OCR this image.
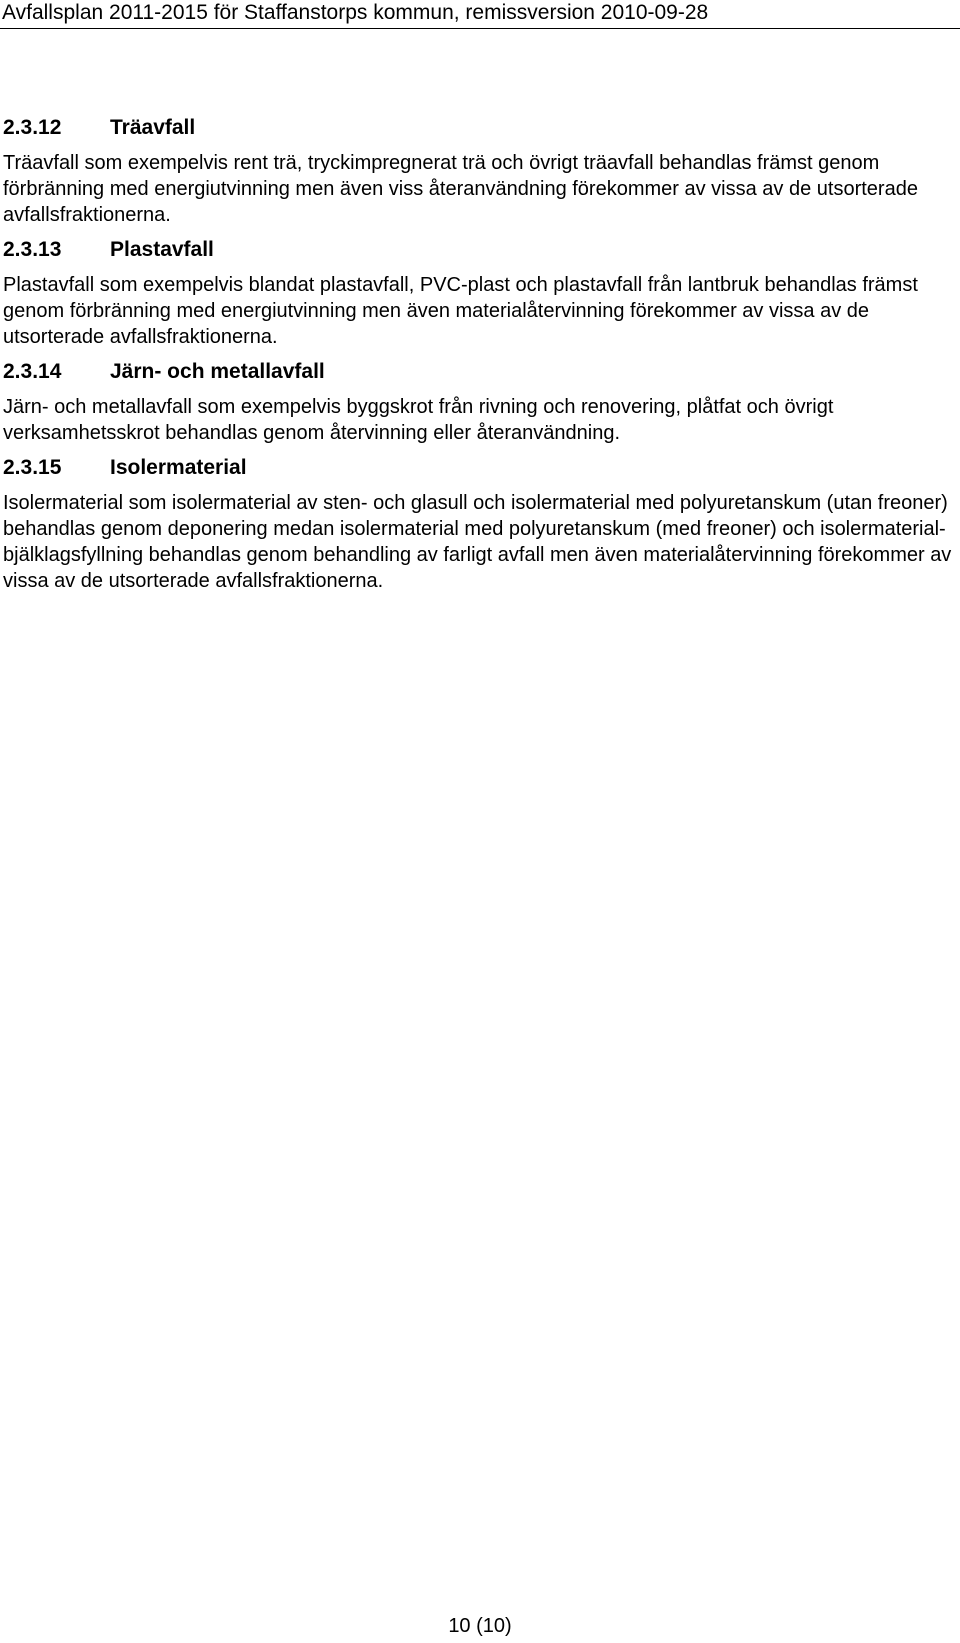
Avfallsplan 2011-2015 för Staffanstorps kommun, remissversion 2010-09-28
2.3.12 Träavfall

Träavfall som exempelvis rent trä, tryckimpregnerat trä och övrigt träavfall behandlas främst genom förbränning med energiutvinning men även viss återanvändning förekommer av vissa av de utsorterade avfallsfraktionerna.

2.3.13 Plastavfall

Plastavfall som exempelvis blandat plastavfall, PVC-plast och plastavfall från lantbruk behandlas främst genom förbränning med energiutvinning men även materialåtervinning förekommer av vissa av de utsorterade avfallsfraktionerna.

2.3.14 Järn- och metallavfall

Järn- och metallavfall som exempelvis byggskrot från rivning och renovering, plåtfat och övrigt verksamhetsskrot behandlas genom återvinning eller återanvändning.

2.3.15 Isolermaterial

Isolermaterial som isolermaterial av sten- och glasull och isolermaterial med polyuretanskum (utan freoner) behandlas genom deponering medan isolermaterial med polyuretanskum (med freoner) och isolermaterial-bjälklagsfyllning behandlas genom behandling av farligt avfall men även materialåtervinning förekommer av vissa av de utsorterade avfallsfraktionerna.

10 (10)
